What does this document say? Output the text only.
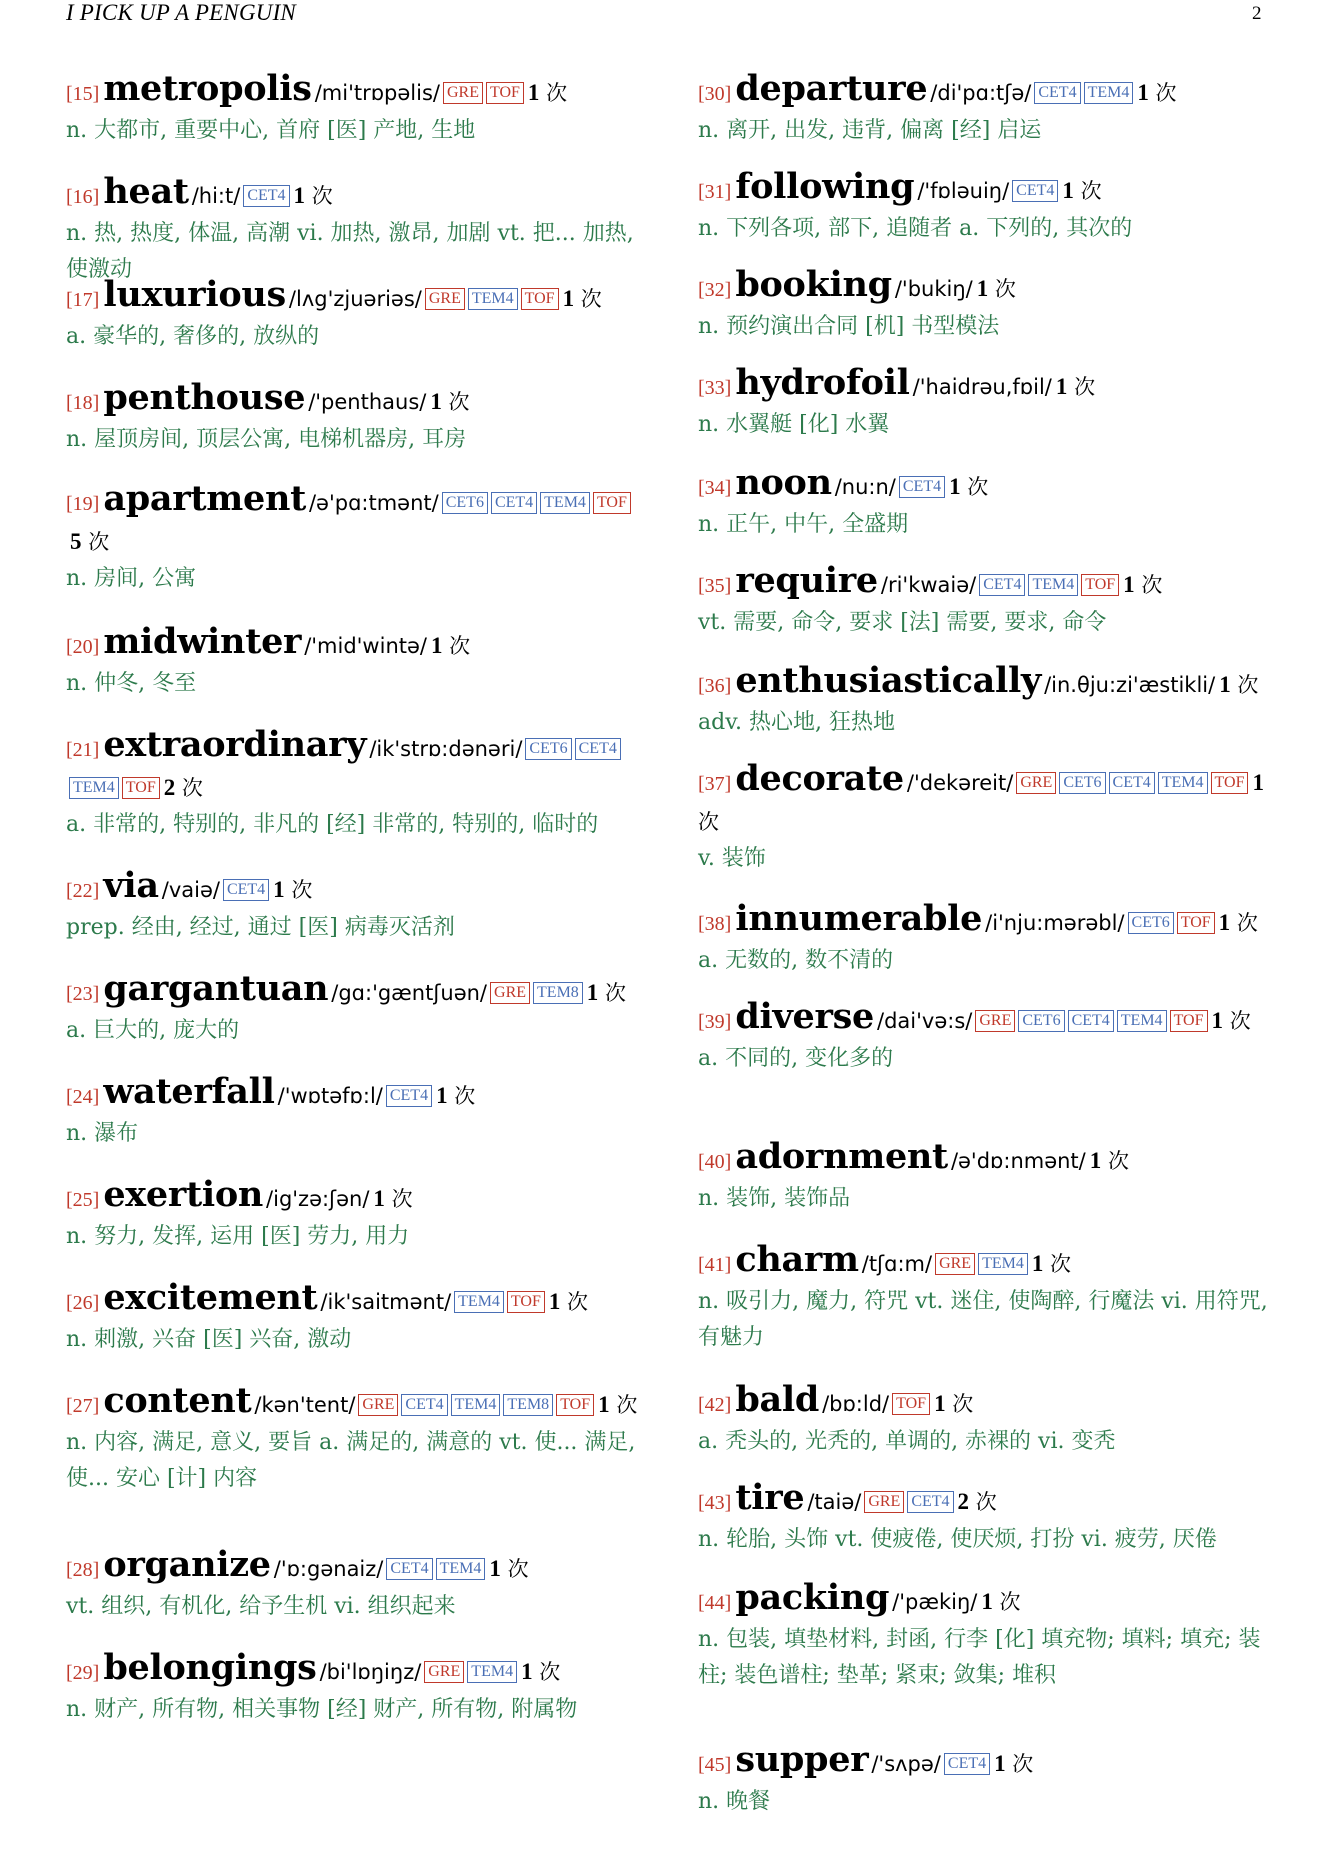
I PICK UP A PENGUIN	2
[15] metropolis /mi'trɒpəlis/ GRE TOF 1 次
n. 大都市, 重要中心, 首府 [医] 产地, 生地
[16] heat /hi:t/ CET4 1 次
n. 热, 热度, 体温, 高潮 vi. 加热, 激昂, 加剧 vt. 把... 加热, 使激动
[17] luxurious /lʌg'zjuəriəs/ GRE TEM4 TOF 1 次
a. 豪华的, 奢侈的, 放纵的
[18] penthouse /'penthaus/ 1 次
n. 屋顶房间, 顶层公寓, 电梯机器房, 耳房
[19] apartment /ə'pɑ:tmənt/ CET6 CET4 TEM4 TOF5 次
n. 房间, 公寓
[20] midwinter /'mid'wintə/ 1 次
n. 仲冬, 冬至
[21] extraordinary /ik'strɒ:dənəri/ CET6 CET4TEM4 TOF 2 次
a. 非常的, 特别的, 非凡的 [经] 非常的, 特别的, 临时的
[22] via /vaiə/ CET4 1 次
prep. 经由, 经过, 通过 [医] 病毒灭活剂
[23] gargantuan /gɑ:'gæntʃuən/ GRE TEM8 1 次
a. 巨大的, 庞大的
[24] waterfall /'wɒtəfɒ:l/ CET4 1 次
n. 瀑布
[25] exertion /ig'zə:ʃən/ 1 次
n. 努力, 发挥, 运用 [医] 劳力, 用力
[26] excitement /ik'saitmənt/ TEM4 TOF 1 次
n. 刺激, 兴奋 [医] 兴奋, 激动
[27] content /kən'tent/ GRE CET4 TEM4 TEM8 TOF 1 次
n. 内容, 满足, 意义, 要旨 a. 满足的, 满意的 vt. 使... 满足, 使... 安心 [计] 内容
[28] organize /'ɒ:gənaiz/ CET4 TEM4 1 次
vt. 组织, 有机化, 给予生机 vi. 组织起来
[29] belongings /bi'lɒŋiŋz/ GRE TEM4 1 次
n. 财产, 所有物, 相关事物 [经] 财产, 所有物, 附属物
[30] departure /di'pɑ:tʃə/ CET4 TEM4 1 次
n. 离开, 出发, 违背, 偏离 [经] 启运
[31] following /'fɒləuiŋ/ CET4 1 次
n. 下列各项, 部下, 追随者 a. 下列的, 其次的
[32] booking /'bukiŋ/ 1 次
n. 预约演出合同 [机] 书型模法
[33] hydrofoil /'haidrəu,fɒil/ 1 次
n. 水翼艇 [化] 水翼
[34] noon /nu:n/ CET4 1 次
n. 正午, 中午, 全盛期
[35] require /ri'kwaiə/ CET4 TEM4 TOF 1 次
vt. 需要, 命令, 要求 [法] 需要, 要求, 命令
[36] enthusiastically /in.θju:zi'æstikli/ 1 次
adv. 热心地, 狂热地
[37] decorate /'dekəreit/ GRE CET6 CET4 TEM4 TOF 1 次
v. 装饰
[38] innumerable /i'nju:mərəbl/ CET6 TOF 1 次
a. 无数的, 数不清的
[39] diverse /dai'və:s/ GRE CET6 CET4 TEM4 TOF 1 次
a. 不同的, 变化多的
[40] adornment /ə'dɒ:nmənt/ 1 次
n. 装饰, 装饰品
[41] charm /tʃɑ:m/ GRE TEM4 1 次
n. 吸引力, 魔力, 符咒 vt. 迷住, 使陶醉, 行魔法 vi. 用符咒, 有魅力
[42] bald /bɒ:ld/ TOF 1 次
a. 秃头的, 光秃的, 单调的, 赤裸的 vi. 变秃
[43] tire /taiə/ GRE CET4 2 次
n. 轮胎, 头饰 vt. 使疲倦, 使厌烦, 打扮 vi. 疲劳, 厌倦
[44] packing /'pækiŋ/ 1 次
n. 包装, 填垫材料, 封函, 行李 [化] 填充物; 填料; 填充; 装柱; 装色谱柱; 垫革; 紧束; 敛集; 堆积
[45] supper /'sʌpə/ CET4 1 次
n. 晚餐
